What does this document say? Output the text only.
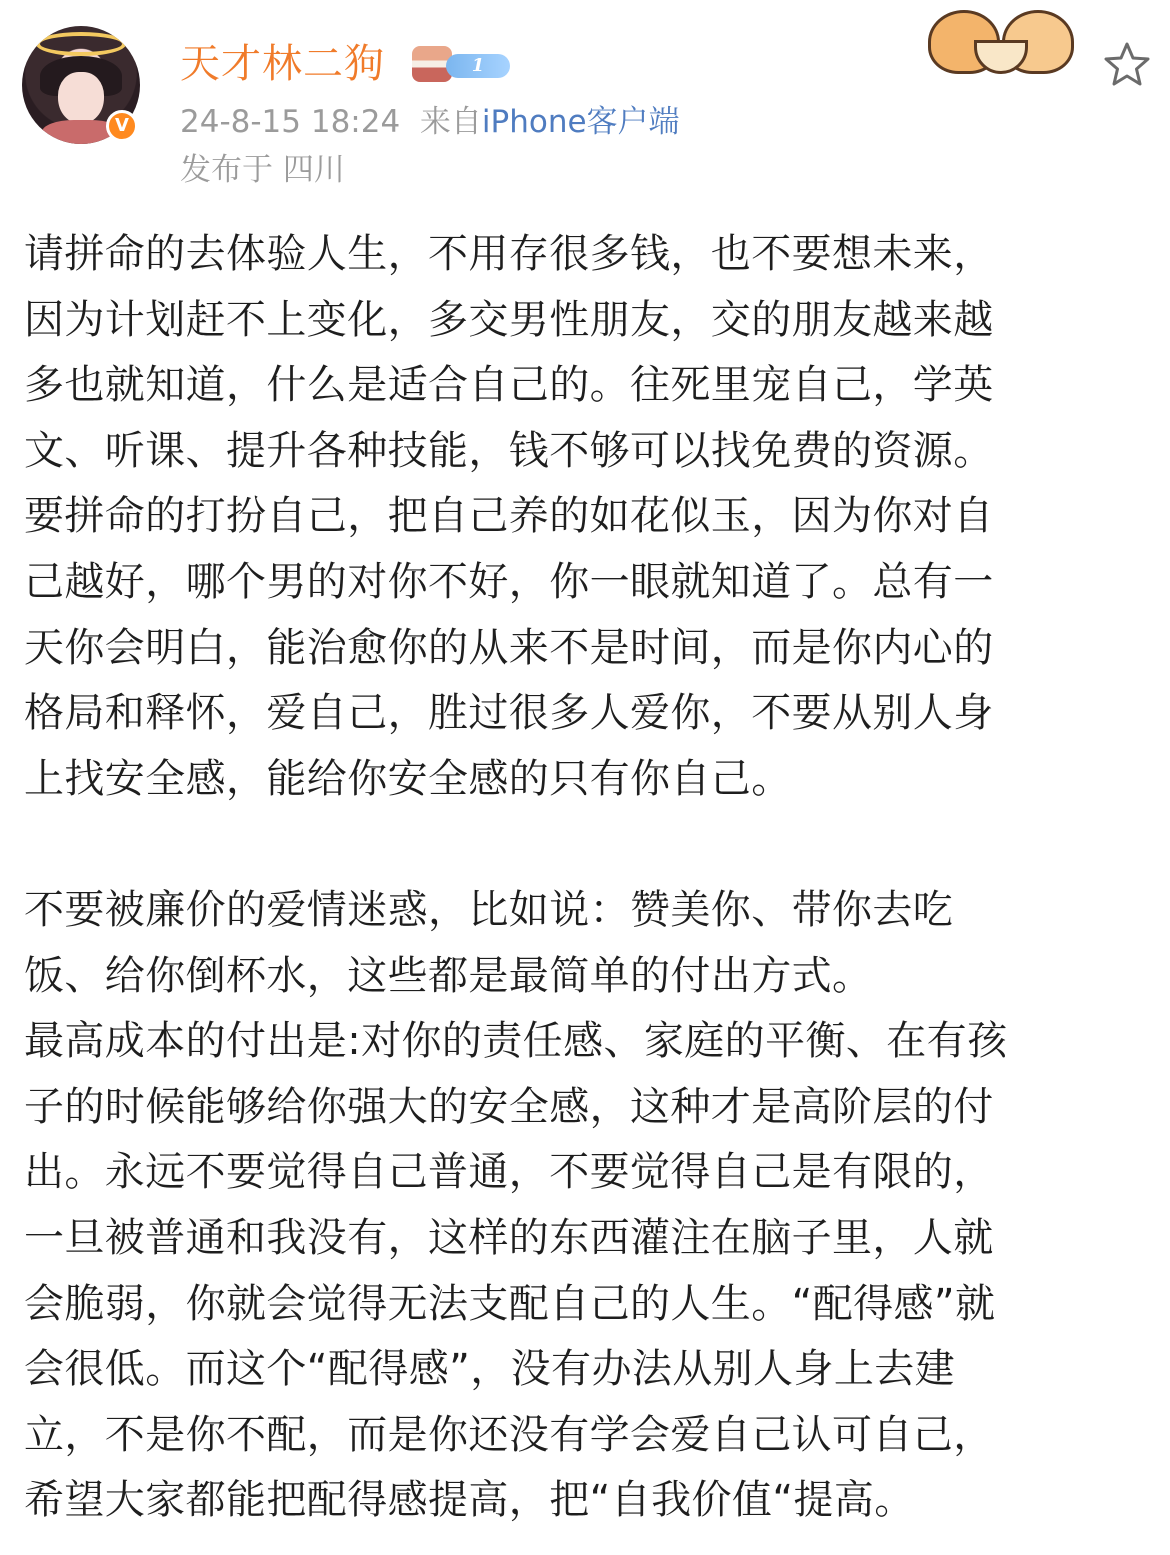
V
天才林二狗	1
24-8-15 18:24 来自iPhone客户端
发布于 四川

请拼命的去体验人生，不用存很多钱，也不要想未来，
因为计划赶不上变化，多交男性朋友，交的朋友越来越
多也就知道，什么是适合自己的。往死里宠自己，学英
文、听课、提升各种技能，钱不够可以找免费的资源。
要拼命的打扮自己，把自己养的如花似玉，因为你对自
己越好，哪个男的对你不好，你一眼就知道了。总有一
天你会明白，能治愈你的从来不是时间，而是你内心的
格局和释怀，爱自己，胜过很多人爱你，不要从别人身
上找安全感，能给你安全感的只有你自己。

不要被廉价的爱情迷惑，比如说：赞美你、带你去吃
饭、给你倒杯水，这些都是最简单的付出方式。
最高成本的付出是:对你的责任感、家庭的平衡、在有孩
子的时候能够给你强大的安全感，这种才是高阶层的付
出。永远不要觉得自己普通，不要觉得自己是有限的，
一旦被普通和我没有，这样的东西灌注在脑子里，人就
会脆弱，你就会觉得无法支配自己的人生。“配得感”就
会很低。而这个“配得感”，没有办法从别人身上去建
立，不是你不配，而是你还没有学会爱自己认可自己，
希望大家都能把配得感提高，把“自我价值“提高。
